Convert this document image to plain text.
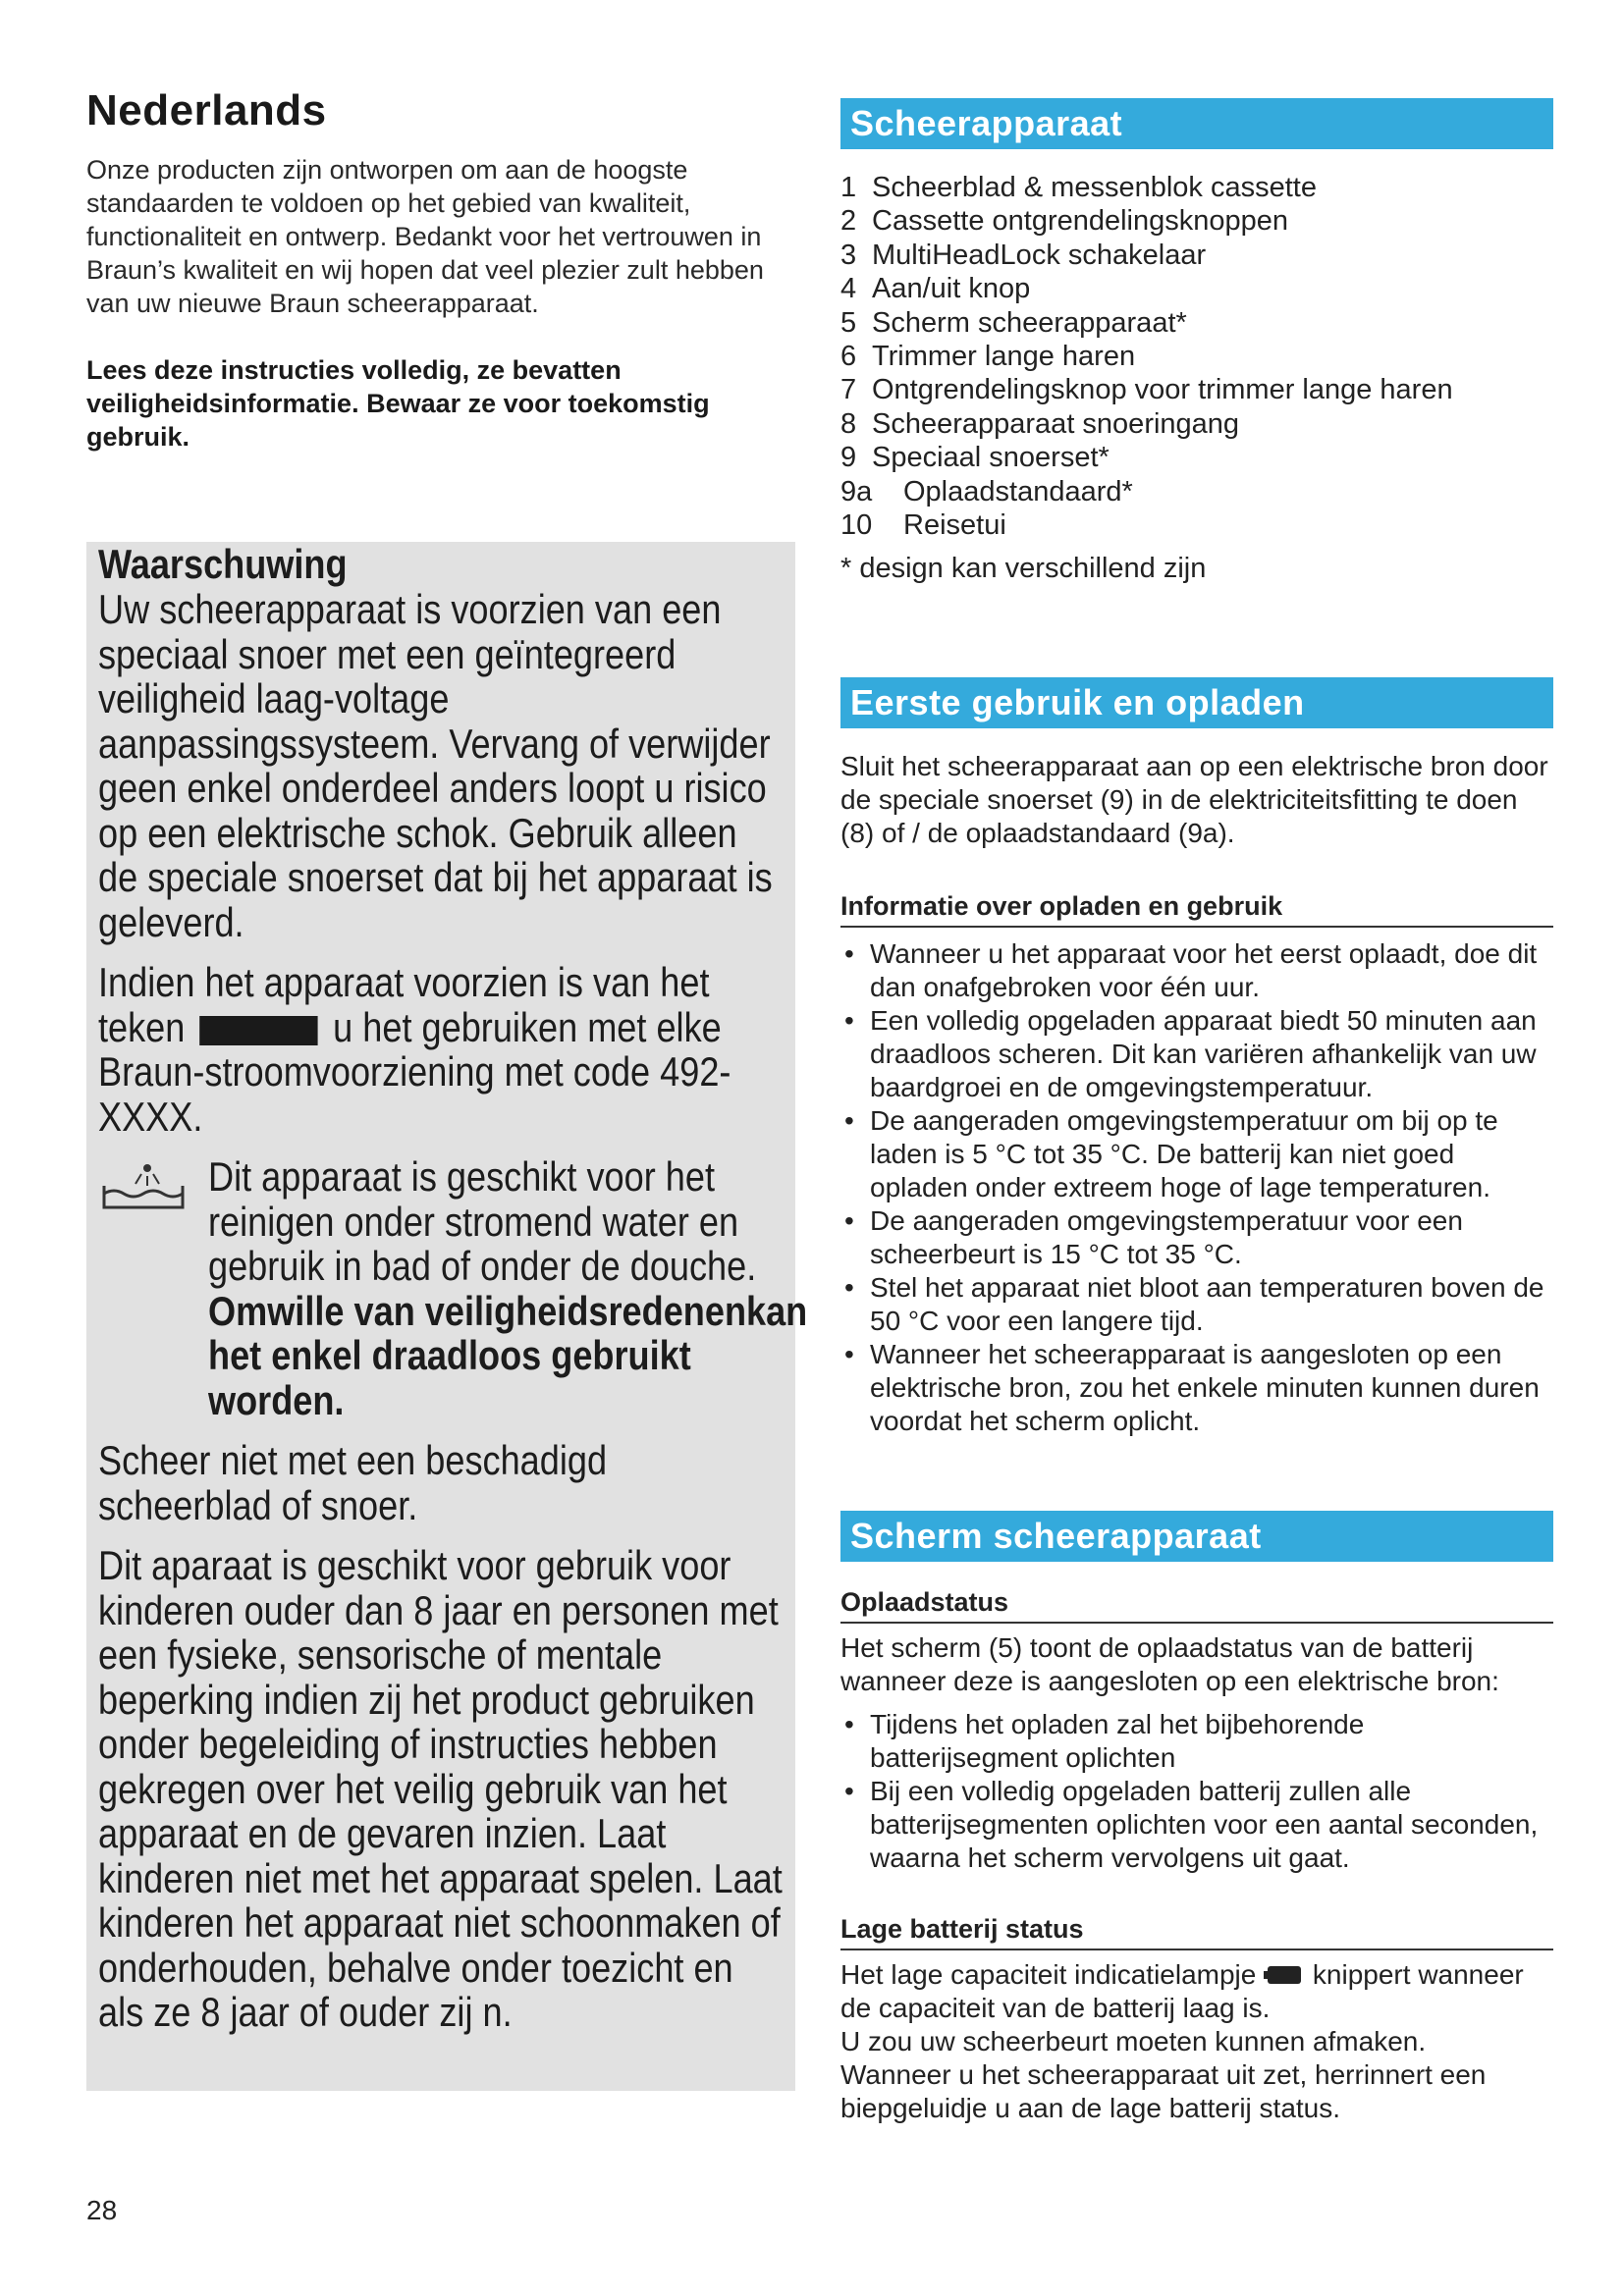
Nederlands

Onze producten zijn ontworpen om aan de hoogste standaarden te voldoen op het gebied van kwaliteit, functionaliteit en ontwerp. Bedankt voor het vertrouwen in Braun’s kwaliteit en wij hopen dat veel plezier zult hebben van uw nieuwe Braun scheerapparaat.

Lees deze instructies volledig, ze bevatten veiligheidsinformatie. Bewaar ze voor toekomstig gebruik.

Waarschuwing

Uw scheerapparaat is voorzien van een speciaal snoer met een geïntegreerd veiligheid laag-voltage aanpassingssysteem. Vervang of verwijder geen enkel onderdeel anders loopt u risico op een elektrische schok. Gebruik alleen de speciale snoerset dat bij het apparaat is geleverd.

Indien het apparaat voorzien is van het teken	u het gebruiken met elke Braun-stroomvoorziening met code 492-XXXX.

Dit apparaat is geschikt voor het reinigen onder stromend water en gebruik in bad of onder de douche. Omwille van veiligheidsredenenkan het enkel draadloos gebruikt worden.

Scheer niet met een beschadigd scheerblad of snoer.

Dit aparaat is geschikt voor gebruik voor kinderen ouder dan 8 jaar en personen met een fysieke, sensorische of mentale beperking indien zij het product gebruiken onder begeleiding of instructies hebben gekregen over het veilig gebruik van het apparaat en de gevaren inzien. Laat kinderen niet met het apparaat spelen. Laat kinderen het apparaat niet schoonmaken of onderhouden, behalve onder toezicht en als ze 8 jaar of ouder zij n.

Scheerapparaat
1 Scheerblad & messenblok cassette
2 Cassette ontgrendelingsknoppen
3 MultiHeadLock schakelaar
4 Aan/uit knop
5 Scherm scheerapparaat*
6 Trimmer lange haren
7 Ontgrendelingsknop voor trimmer lange haren
8 Scheerapparaat snoeringang
9 Speciaal snoerset*
9a	Oplaadstandaard*
10	Reisetui

* design kan verschillend zijn

Eerste gebruik en opladen

Sluit het scheerapparaat aan op een elektrische bron door de speciale snoerset (9) in de elektriciteitsfitting te doen (8) of / de oplaadstandaard (9a).

Informatie over opladen en gebruik

• Wanneer u het apparaat voor het eerst oplaadt, doe dit dan onafgebroken voor één uur.
• Een volledig opgeladen apparaat biedt 50 minuten aan draadloos scheren. Dit kan variëren afhankelijk van uw baardgroei en de omgevingstemperatuur.
• De aangeraden omgevingstemperatuur om bij op te laden is 5 °C tot 35 °C. De batterij kan niet goed opladen onder extreem hoge of lage temperaturen.
• De aangeraden omgevingstemperatuur voor een scheerbeurt is 15 °C tot 35 °C.
• Stel het apparaat niet bloot aan temperaturen boven de 50 °C voor een langere tijd.
• Wanneer het scheerapparaat is aangesloten op een elektrische bron, zou het enkele minuten kunnen duren voordat het scherm oplicht.
Scherm scheerapparaat

Oplaadstatus

Het scherm (5) toont de oplaadstatus van de batterij wanneer deze is aangesloten op een elektrische bron:

• Tijdens het opladen zal het bijbehorende batterijsegment oplichten
• Bij een volledig opgeladen batterij zullen alle batterijsegmenten oplichten voor een aantal seconden, waarna het scherm vervolgens uit gaat.

Lage batterij status

Het lage capaciteit indicatielampje knippert wanneer de capaciteit van de batterij laag is.
U zou uw scheerbeurt moeten kunnen afmaken.
Wanneer u het scheerapparaat uit zet, herrinnert een biepgeluidje u aan de lage batterij status.

28
